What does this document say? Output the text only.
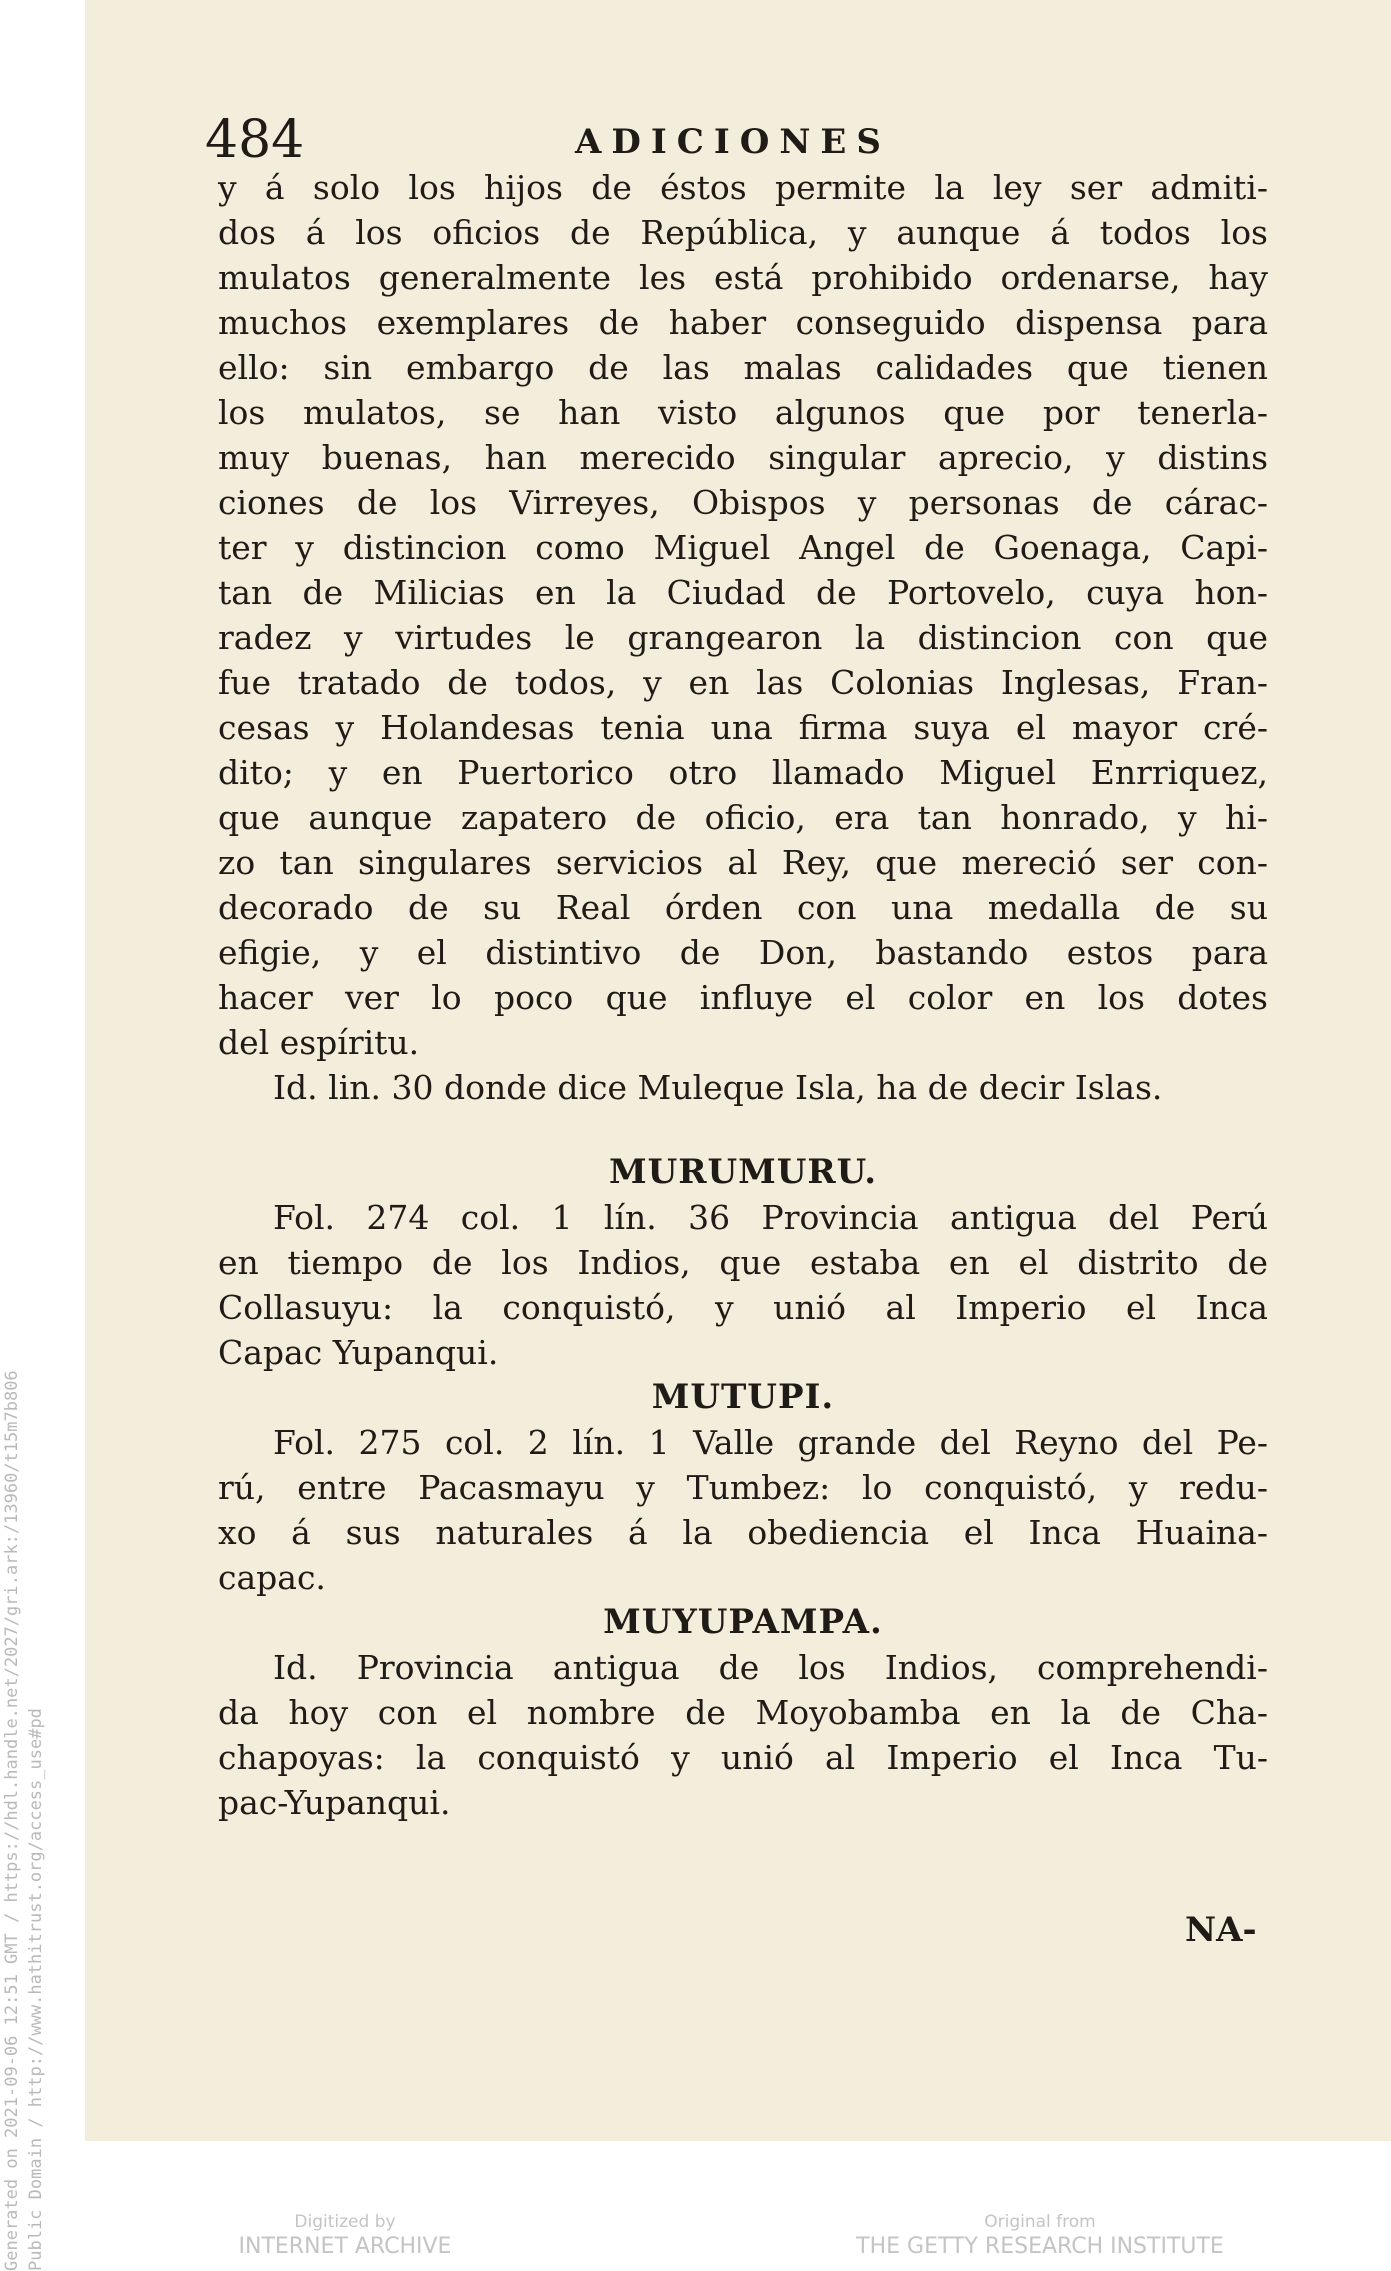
Generated on 2021-09-06 12:51 GMT / https://hdl.handle.net/2027/gri.ark:/13960/t15m7b806 Public Domain / http://www.hathitrust.org/access_use#pd
484	ADICIONES
y á solo los hijos de éstos permite la ley ser admiti-
dos á los oficios de República, y aunque á todos los
mulatos generalmente les está prohibido ordenarse, hay
muchos exemplares de haber conseguido dispensa para
ello: sin embargo de las malas calidades que tienen
los mulatos, se han visto algunos que por tenerla-
muy buenas, han merecido singular aprecio, y distins
ciones de los Virreyes, Obispos y personas de cárac-
ter y distincion como Miguel Angel de Goenaga, Capi-
tan de Milicias en la Ciudad de Portovelo, cuya hon-
radez y virtudes le grangearon la distincion con que
fue tratado de todos, y en las Colonias Inglesas, Fran-
cesas y Holandesas tenia una firma suya el mayor cré-
dito; y en Puertorico otro llamado Miguel Enrriquez,
que aunque zapatero de oficio, era tan honrado, y hi-
zo tan singulares servicios al Rey, que mereció ser con-
decorado de su Real órden con una medalla de su
efigie, y el distintivo de Don, bastando estos para
hacer ver lo poco que influye el color en los dotes
del espíritu.
Id. lin. 30 donde dice Muleque Isla, ha de decir Islas.
MURUMURU.
Fol. 274 col. 1 lín. 36 Provincia antigua del Perú
en tiempo de los Indios, que estaba en el distrito de
Collasuyu: la conquistó, y unió al Imperio el Inca
Capac Yupanqui.
MUTUPI.
Fol. 275 col. 2 lín. 1 Valle grande del Reyno del Pe-
rú, entre Pacasmayu y Tumbez: lo conquistó, y redu-
xo á sus naturales á la obediencia el Inca Huaina-
capac.
MUYUPAMPA.
Id. Provincia antigua de los Indios, comprehendi-
da hoy con el nombre de Moyobamba en la de Cha-
chapoyas: la conquistó y unió al Imperio el Inca Tu-
pac-Yupanqui.
NA-
Digitized by
INTERNET ARCHIVE
Original from
THE GETTY RESEARCH INSTITUTE
